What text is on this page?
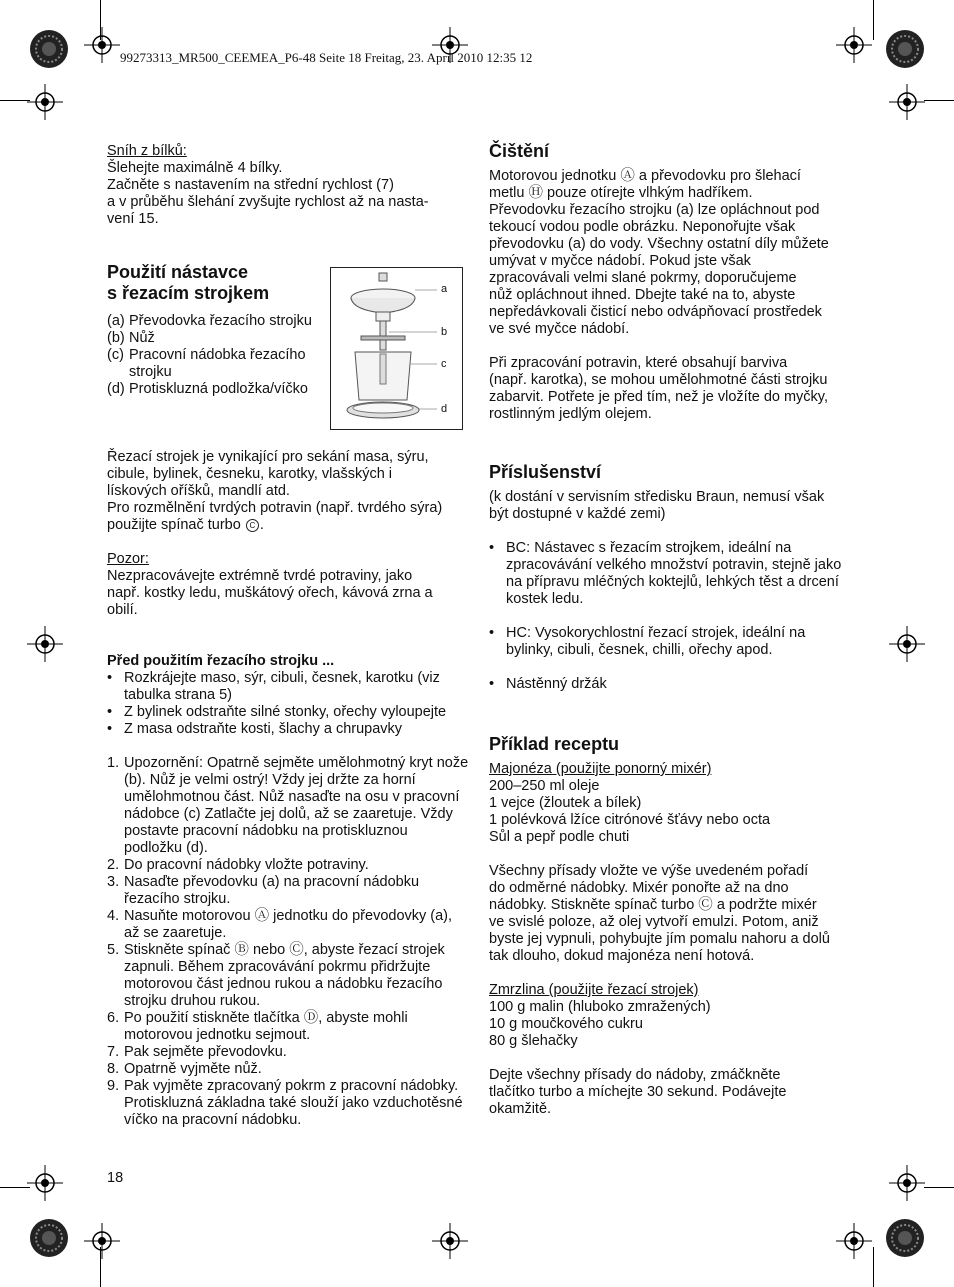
99273313_MR500_CEEMEA_P6-48 Seite 18 Freitag, 23. April 2010 12:35 12

Sníh z bílků:

Šlehejte maximálně 4 bílky.

Začněte s nastavením na střední rychlost (7)

a v průběhu šlehání zvyšujte rychlost až na nasta-

vení 15.

Použití nástavce
s řezacím strojkem
(a) Převodovka řezacího strojku
(b) Nůž
(c) Pracovní nádobka řezacího strojku
(d) Protiskluzná podložka/víčko
a
b
c
d

Řezací strojek je vynikající pro sekání masa, sýru,

cibule, bylinek, česneku, karotky, vlašských i

lískových oříšků, mandlí atd.

Pro rozmělnění tvrdých potravin (např. tvrdého sýra)

použijte spínač turbo C .

Pozor:

Nezpracovávejte extrémně tvrdé potraviny, jako

např. kostky ledu, muškátový ořech, kávová zrna a

obilí.

Před použitím řezacího strojku ...

• Rozkrájejte maso, sýr, cibuli, česnek, karotku (viz tabulka strana 5)
• Z bylinek odstraňte silné stonky, ořechy vyloupejte
• Z masa odstraňte kosti, šlachy a chrupavky
1. Upozornění: Opatrně sejměte umělohmotný kryt nože (b). Nůž je velmi ostrý! Vždy jej držte za horní umělohmotnou část. Nůž nasaďte na osu v pracovní nádobce (c) Zatlačte jej dolů, až se zaaretuje. Vždy postavte pracovní nádobku na protiskluznou podložku (d).
2. Do pracovní nádobky vložte potraviny.
3. Nasaďte převodovku (a) na pracovní nádobku řezacího strojku.
4. Nasuňte motorovou Ⓐ jednotku do převodovky (a), až se zaaretuje.
5. Stiskněte spínač Ⓑ nebo Ⓒ, abyste řezací strojek zapnuli. Během zpracovávání pokrmu přidržujte motorovou část jednou rukou a nádobku řezacího strojku druhou rukou.
6. Po použití stiskněte tlačítka Ⓓ, abyste mohli motorovou jednotku sejmout.
7. Pak sejměte převodovku.
8. Opatrně vyjměte nůž.
9. Pak vyjměte zpracovaný pokrm z pracovní nádobky. Protiskluzná základna také slouží jako vzduchotěsné víčko na pracovní nádobku.
18
Čištění

Motorovou jednotku Ⓐ a převodovku pro šlehací

metlu Ⓗ pouze otírejte vlhkým hadříkem.

Převodovku řezacího strojku (a) lze opláchnout pod

tekoucí vodou podle obrázku. Neponořujte však

převodovku (a) do vody. Všechny ostatní díly můžete

umývat v myčce nádobí. Pokud jste však

zpracovávali velmi slané pokrmy, doporučujeme

nůž opláchnout ihned. Dbejte také na to, abyste

nepředávkovali čisticí nebo odvápňovací prostředek

ve své myčce nádobí.

Při zpracování potravin, které obsahují barviva

(např. karotka), se mohou umělohmotné části strojku

zabarvit. Potřete je před tím, než je vložíte do myčky,

rostlinným jedlým olejem.

Příslušenství

(k dostání v servisním středisku Braun, nemusí však

být dostupné v každé zemi)

• BC: Nástavec s řezacím strojkem, ideální na zpracovávání velkého množství potravin, stejně jako na přípravu mléčných koktejlů, lehkých těst a drcení kostek ledu.
• HC: Vysokorychlostní řezací strojek, ideální na bylinky, cibuli, česnek, chilli, ořechy apod.
• Nástěnný držák
Příklad receptu

Majonéza (použijte ponorný mixér)

200–250 ml oleje

1 vejce (žloutek a bílek)

1 polévková lžíce citrónové šťávy nebo octa

Sůl a pepř podle chuti

Všechny přísady vložte ve výše uvedeném pořadí

do odměrné nádobky. Mixér ponořte až na dno

nádobky. Stiskněte spínač turbo Ⓒ a podržte mixér

ve svislé poloze, až olej vytvoří emulzi. Potom, aniž

byste jej vypnuli, pohybujte jím pomalu nahoru a dolů

tak dlouho, dokud majonéza není hotová.

Zmrzlina (použijte řezací strojek)

100 g malin (hluboko zmražených)

10 g moučkového cukru

80 g šlehačky

Dejte všechny přísady do nádoby, zmáčkněte

tlačítko turbo a míchejte 30 sekund. Podávejte

okamžitě.
